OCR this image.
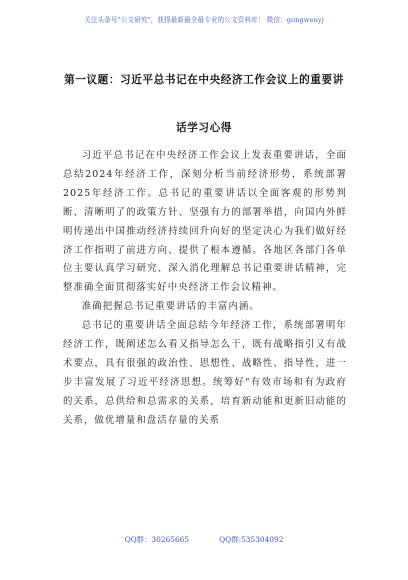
关注头条号"公文研究"，获得最新最全最专业的公文资料库！ 微信：gongwenyj
第一议题：习近平总书记在中央经济工作会议上的重要讲
话学习心得

习近平总书记在中央经济工作会议上发表重要讲话，全面总结2024年经济工作，深刻分析当前经济形势，系统部署2025年经济工作。总书记的重要讲话以全面客观的形势判断、清晰明了的政策方针、坚强有力的部署举措，向国内外鲜明传递出中国推动经济持续回升向好的坚定决心为我们做好经济工作指明了前进方向、提供了根本遵循。各地区各部门各单位主要认真学习研究、深入消化理解总书记重要讲话精神，完整准确全面贯彻落实好中央经济工作会议精神。

准确把握总书记重要讲话的丰富内涵。

总书记的重要讲话全面总结今年经济工作，系统部署明年经济工作，既阐述怎么看又指导怎么干，既有战略指引又有战术要点，具有很强的政治性、思想性、战略性、指导性，进一步丰富发展了习近平经济思想。统筹好"有效市场和有为政府的关系，总供给和总需求的关系，培育新动能和更新旧动能的关系，做优增量和盘活存量的关系

QQ群：30265665	QQ群:535304092
